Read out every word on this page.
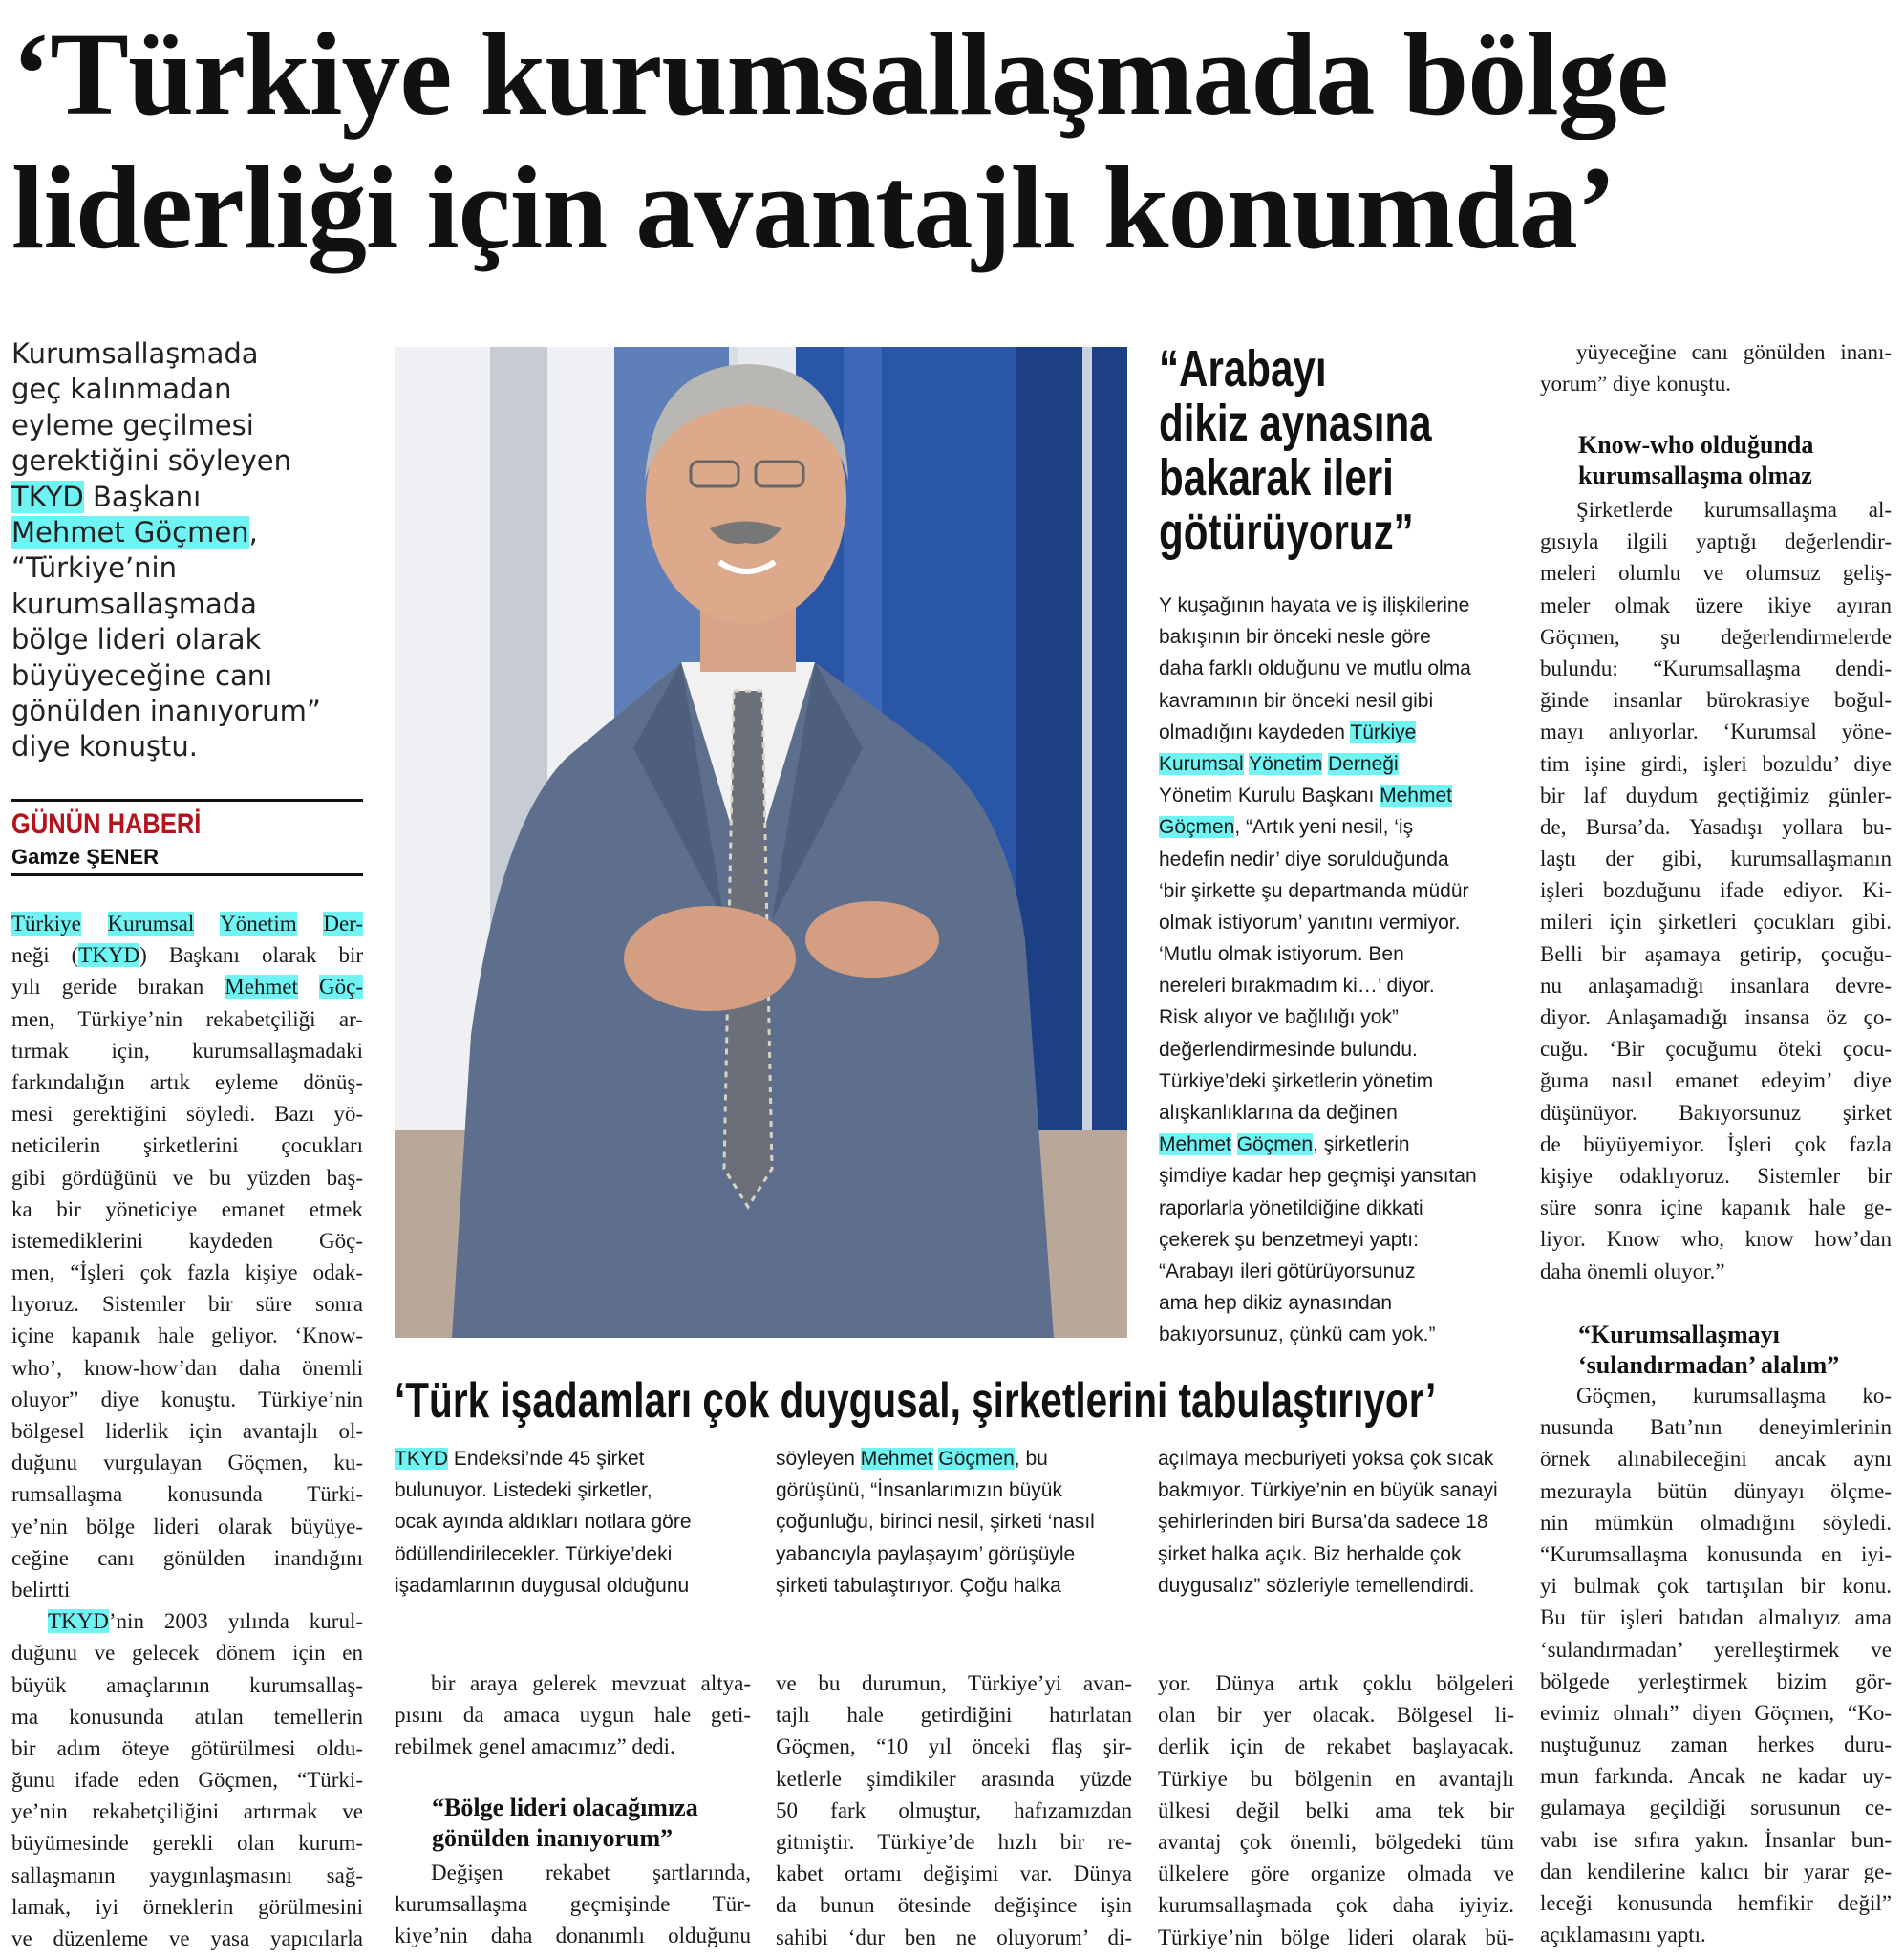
‘Türkiye kurumsallaşmada bölge
liderliği için avantajlı konumda’
Kurumsallaşmada
geç kalınmadan
eyleme geçilmesi
gerektiğini söyleyen
TKYD Başkanı
Mehmet Göçmen,
“Türkiye’nin
kurumsallaşmada
bölge lideri olarak
büyüyeceğine canı
gönülden inanıyorum”
diye konuştu.
GÜNÜN HABERİ
Gamze ŞENER
Türkiye Kurumsal Yönetim Der-
neği (TKYD) Başkanı olarak bir
yılı geride bırakan Mehmet Göç-
men, Türkiye’nin rekabetçiliği ar-
tırmak için, kurumsallaşmadaki
farkındalığın artık eyleme dönüş-
mesi gerektiğini söyledi. Bazı yö-
neticilerin şirketlerini çocukları
gibi gördüğünü ve bu yüzden baş-
ka bir yöneticiye emanet etmek
istemediklerini kaydeden Göç-
men, “İşleri çok fazla kişiye odak-
lıyoruz. Sistemler bir süre sonra
içine kapanık hale geliyor. ‘Know-
who’, know-how’dan daha önemli
oluyor” diye konuştu. Türkiye’nin
bölgesel liderlik için avantajlı ol-
duğunu vurgulayan Göçmen, ku-
rumsallaşma konusunda Türki-
ye’nin bölge lideri olarak büyüye-
ceğine canı gönülden inandığını
belirtti
TKYD’nin 2003 yılında kurul-
duğunu ve gelecek dönem için en
büyük amaçlarının kurumsallaş-
ma konusunda atılan temellerin
bir adım öteye götürülmesi oldu-
ğunu ifade eden Göçmen, “Türki-
ye’nin rekabetçiliğini artırmak ve
büyümesinde gerekli olan kurum-
sallaşmanın yaygınlaşmasını sağ-
lamak, iyi örneklerin görülmesini
ve düzenleme ve yasa yapıcılarla
“Arabayı
dikiz aynasına
bakarak ileri
götürüyoruz”
Y kuşağının hayata ve iş ilişkilerine
bakışının bir önceki nesle göre
daha farklı olduğunu ve mutlu olma
kavramının bir önceki nesil gibi
olmadığını kaydeden Türkiye
Kurumsal Yönetim Derneği
Yönetim Kurulu Başkanı Mehmet
Göçmen, “Artık yeni nesil, ‘iş
hedefin nedir’ diye sorulduğunda
‘bir şirkette şu departmanda müdür
olmak istiyorum’ yanıtını vermiyor.
‘Mutlu olmak istiyorum. Ben
nereleri bırakmadım ki…’ diyor.
Risk alıyor ve bağlılığı yok”
değerlendirmesinde bulundu.
Türkiye’deki şirketlerin yönetim
alışkanlıklarına da değinen
Mehmet Göçmen, şirketlerin
şimdiye kadar hep geçmişi yansıtan
raporlarla yönetildiğine dikkati
çekerek şu benzetmeyi yaptı:
“Arabayı ileri götürüyorsunuz
ama hep dikiz aynasından
bakıyorsunuz, çünkü cam yok.”
yüyeceğine canı gönülden inanı-
yorum” diye konuştu.
Know-who olduğunda
kurumsallaşma olmaz
Şirketlerde kurumsallaşma al-
gısıyla ilgili yaptığı değerlendir-
meleri olumlu ve olumsuz geliş-
meler olmak üzere ikiye ayıran
Göçmen, şu değerlendirmelerde
bulundu: “Kurumsallaşma dendi-
ğinde insanlar bürokrasiye boğul-
mayı anlıyorlar. ‘Kurumsal yöne-
tim işine girdi, işleri bozuldu’ diye
bir laf duydum geçtiğimiz günler-
de, Bursa’da. Yasadışı yollara bu-
laştı der gibi, kurumsallaşmanın
işleri bozduğunu ifade ediyor. Ki-
mileri için şirketleri çocukları gibi.
Belli bir aşamaya getirip, çocuğu-
nu anlaşamadığı insanlara devre-
diyor. Anlaşamadığı insansa öz ço-
cuğu. ‘Bir çocuğumu öteki çocu-
ğuma nasıl emanet edeyim’ diye
düşünüyor. Bakıyorsunuz şirket
de büyüyemiyor. İşleri çok fazla
kişiye odaklıyoruz. Sistemler bir
süre sonra içine kapanık hale ge-
liyor. Know who, know how’dan
daha önemli oluyor.”
“Kurumsallaşmayı
‘sulandırmadan’ alalım”
Göçmen, kurumsallaşma ko-
nusunda Batı’nın deneyimlerinin
örnek alınabileceğini ancak aynı
mezurayla bütün dünyayı ölçme-
nin mümkün olmadığını söyledi.
“Kurumsallaşma konusunda en iyi-
yi bulmak çok tartışılan bir konu.
Bu tür işleri batıdan almalıyız ama
‘sulandırmadan’ yerelleştirmek ve
bölgede yerleştirmek bizim gör-
evimiz olmalı” diyen Göçmen, “Ko-
nuştuğunuz zaman herkes duru-
mun farkında. Ancak ne kadar uy-
gulamaya geçildiği sorusunun ce-
vabı ise sıfıra yakın. İnsanlar bun-
dan kendilerine kalıcı bir yarar ge-
leceği konusunda hemfikir değil”
açıklamasını yaptı.
‘Türk işadamları çok duygusal, şirketlerini tabulaştırıyor’
TKYD Endeksi’nde 45 şirket
bulunuyor. Listedeki şirketler,
ocak ayında aldıkları notlara göre
ödüllendirilecekler. Türkiye’deki
işadamlarının duygusal olduğunu
söyleyen Mehmet Göçmen, bu
görüşünü, “İnsanlarımızın büyük
çoğunluğu, birinci nesil, şirketi ‘nasıl
yabancıyla paylaşayım’ görüşüyle
şirketi tabulaştırıyor. Çoğu halka
açılmaya mecburiyeti yoksa çok sıcak
bakmıyor. Türkiye’nin en büyük sanayi
şehirlerinden biri Bursa’da sadece 18
şirket halka açık. Biz herhalde çok
duygusalız” sözleriyle temellendirdi.
bir araya gelerek mevzuat altya-
pısını da amaca uygun hale geti-
rebilmek genel amacımız” dedi.
“Bölge lideri olacağımıza
gönülden inanıyorum”
Değişen rekabet şartlarında,
kurumsallaşma geçmişinde Tür-
kiye’nin daha donanımlı olduğunu
ve bu durumun, Türkiye’yi avan-
tajlı hale getirdiğini hatırlatan
Göçmen, “10 yıl önceki flaş şir-
ketlerle şimdikiler arasında yüzde
50 fark olmuştur, hafızamızdan
gitmiştir. Türkiye’de hızlı bir re-
kabet ortamı değişimi var. Dünya
da bunun ötesinde değişince işin
sahibi ‘dur ben ne oluyorum’ di-
yor. Dünya artık çoklu bölgeleri
olan bir yer olacak. Bölgesel li-
derlik için de rekabet başlayacak.
Türkiye bu bölgenin en avantajlı
ülkesi değil belki ama tek bir
avantaj çok önemli, bölgedeki tüm
ülkelere göre organize olmada ve
kurumsallaşmada çok daha iyiyiz.
Türkiye’nin bölge lideri olarak bü-
